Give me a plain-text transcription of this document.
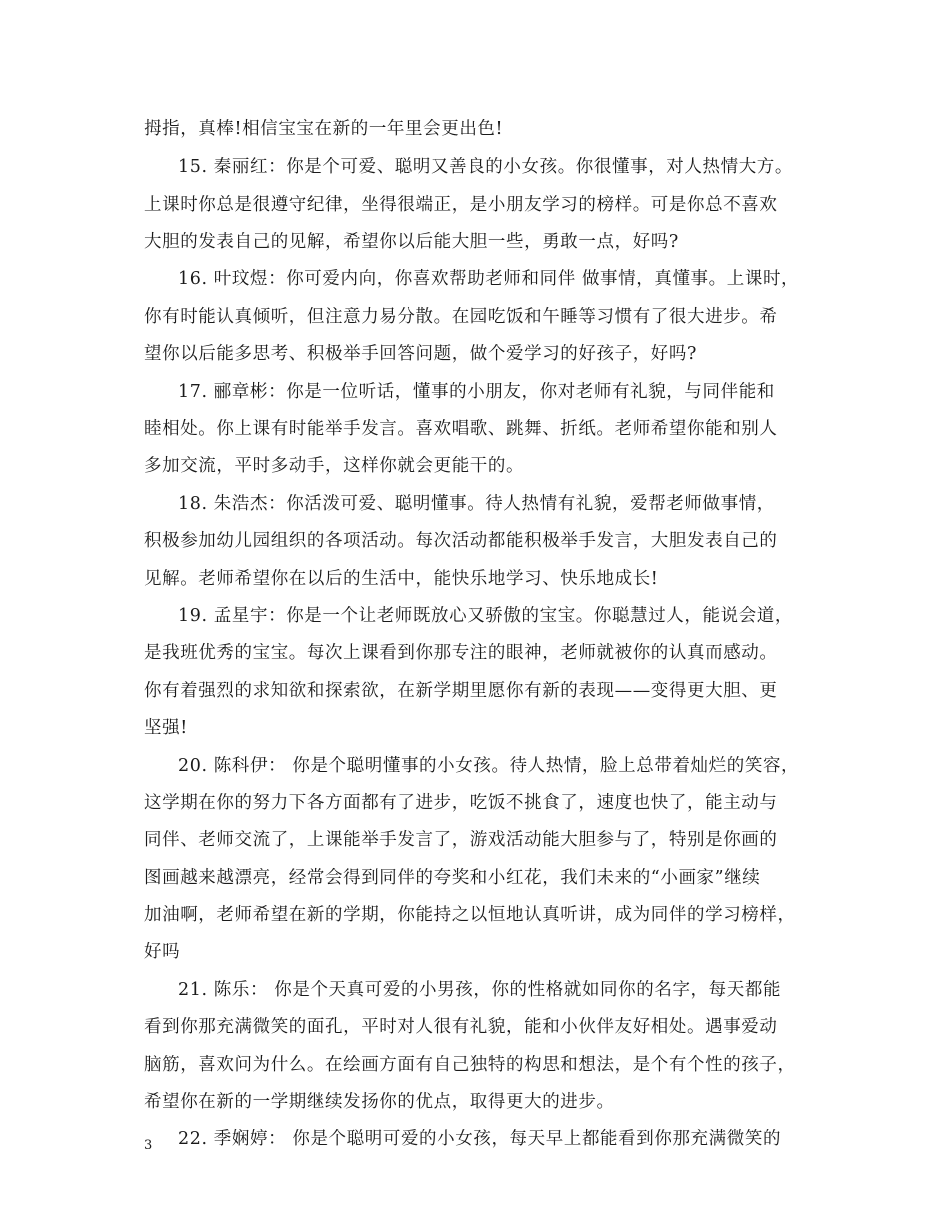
拇指，真棒!相信宝宝在新的一年里会更出色!
15. 秦丽红：你是个可爱、聪明又善良的小女孩。你很懂事，对人热情大方。
上课时你总是很遵守纪律，坐得很端正，是小朋友学习的榜样。可是你总不喜欢
大胆的发表自己的见解，希望你以后能大胆一些，勇敢一点，好吗?
16. 叶玟煜：你可爱内向，你喜欢帮助老师和同伴 做事情，真懂事。上课时，
你有时能认真倾听，但注意力易分散。在园吃饭和午睡等习惯有了很大进步。希
望你以后能多思考、积极举手回答问题，做个爱学习的好孩子，好吗?
17. 郦章彬：你是一位听话，懂事的小朋友，你对老师有礼貌，与同伴能和
睦相处。你上课有时能举手发言。喜欢唱歌、跳舞、折纸。老师希望你能和别人
多加交流，平时多动手，这样你就会更能干的。
18. 朱浩杰：你活泼可爱、聪明懂事。待人热情有礼貌，爱帮老师做事情，
积极参加幼儿园组织的各项活动。每次活动都能积极举手发言，大胆发表自己的
见解。老师希望你在以后的生活中，能快乐地学习、快乐地成长!
19. 孟星宇：你是一个让老师既放心又骄傲的宝宝。你聪慧过人，能说会道，
是我班优秀的宝宝。每次上课看到你那专注的眼神，老师就被你的认真而感动。
你有着强烈的求知欲和探索欲，在新学期里愿你有新的表现——变得更大胆、更
坚强!
20. 陈科伊： 你是个聪明懂事的小女孩。待人热情，脸上总带着灿烂的笑容，
这学期在你的努力下各方面都有了进步，吃饭不挑食了，速度也快了，能主动与
同伴、老师交流了，上课能举手发言了，游戏活动能大胆参与了，特别是你画的
图画越来越漂亮，经常会得到同伴的夸奖和小红花，我们未来的“小画家”继续
加油啊，老师希望在新的学期，你能持之以恒地认真听讲，成为同伴的学习榜样，
好吗
21. 陈乐： 你是个天真可爱的小男孩，你的性格就如同你的名字，每天都能
看到你那充满微笑的面孔，平时对人很有礼貌，能和小伙伴友好相处。遇事爱动
脑筋，喜欢问为什么。在绘画方面有自己独特的构思和想法，是个有个性的孩子，
希望你在新的一学期继续发扬你的优点，取得更大的进步。
22. 季娴婷： 你是个聪明可爱的小女孩，每天早上都能看到你那充满微笑的
3
